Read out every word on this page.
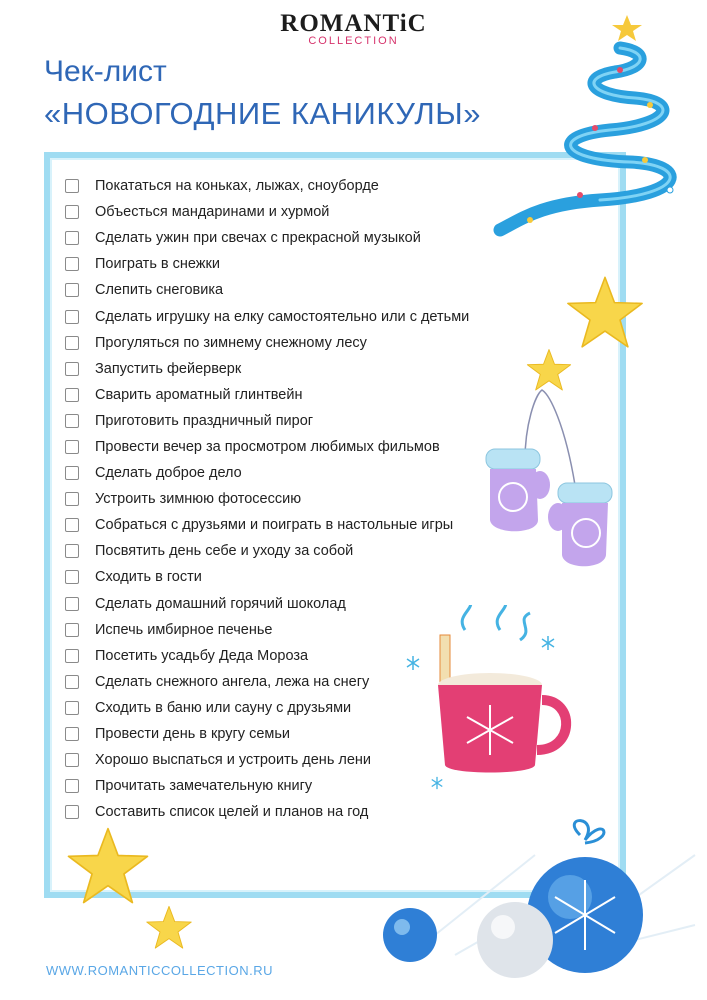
ROMANTiC
COLLECTION
Чек-лист
«НОВОГОДНИЕ КАНИКУЛЫ»
Покататься на коньках, лыжах, сноуборде
Объесться мандаринами и хурмой
Сделать ужин при свечах с прекрасной музыкой
Поиграть в снежки
Слепить снеговика
Сделать игрушку на елку самостоятельно или с детьми
Прогуляться по зимнему снежному лесу
Запустить фейерверк
Сварить ароматный глинтвейн
Приготовить праздничный пирог
Провести вечер за просмотром любимых фильмов
Сделать доброе дело
Устроить зимнюю фотосессию
Собраться с друзьями и поиграть в настольные игры
Посвятить день себе и уходу за собой
Сходить в гости
Сделать домашний горячий шоколад
Испечь имбирное печенье
Посетить усадьбу Деда Мороза
Сделать снежного ангела, лежа на снегу
Сходить в баню или сауну с друзьями
Провести день в кругу семьи
Хорошо выспаться и устроить день лени
Прочитать замечательную книгу
Составить список целей и планов на год
WWW.ROMANTICCOLLECTION.RU
